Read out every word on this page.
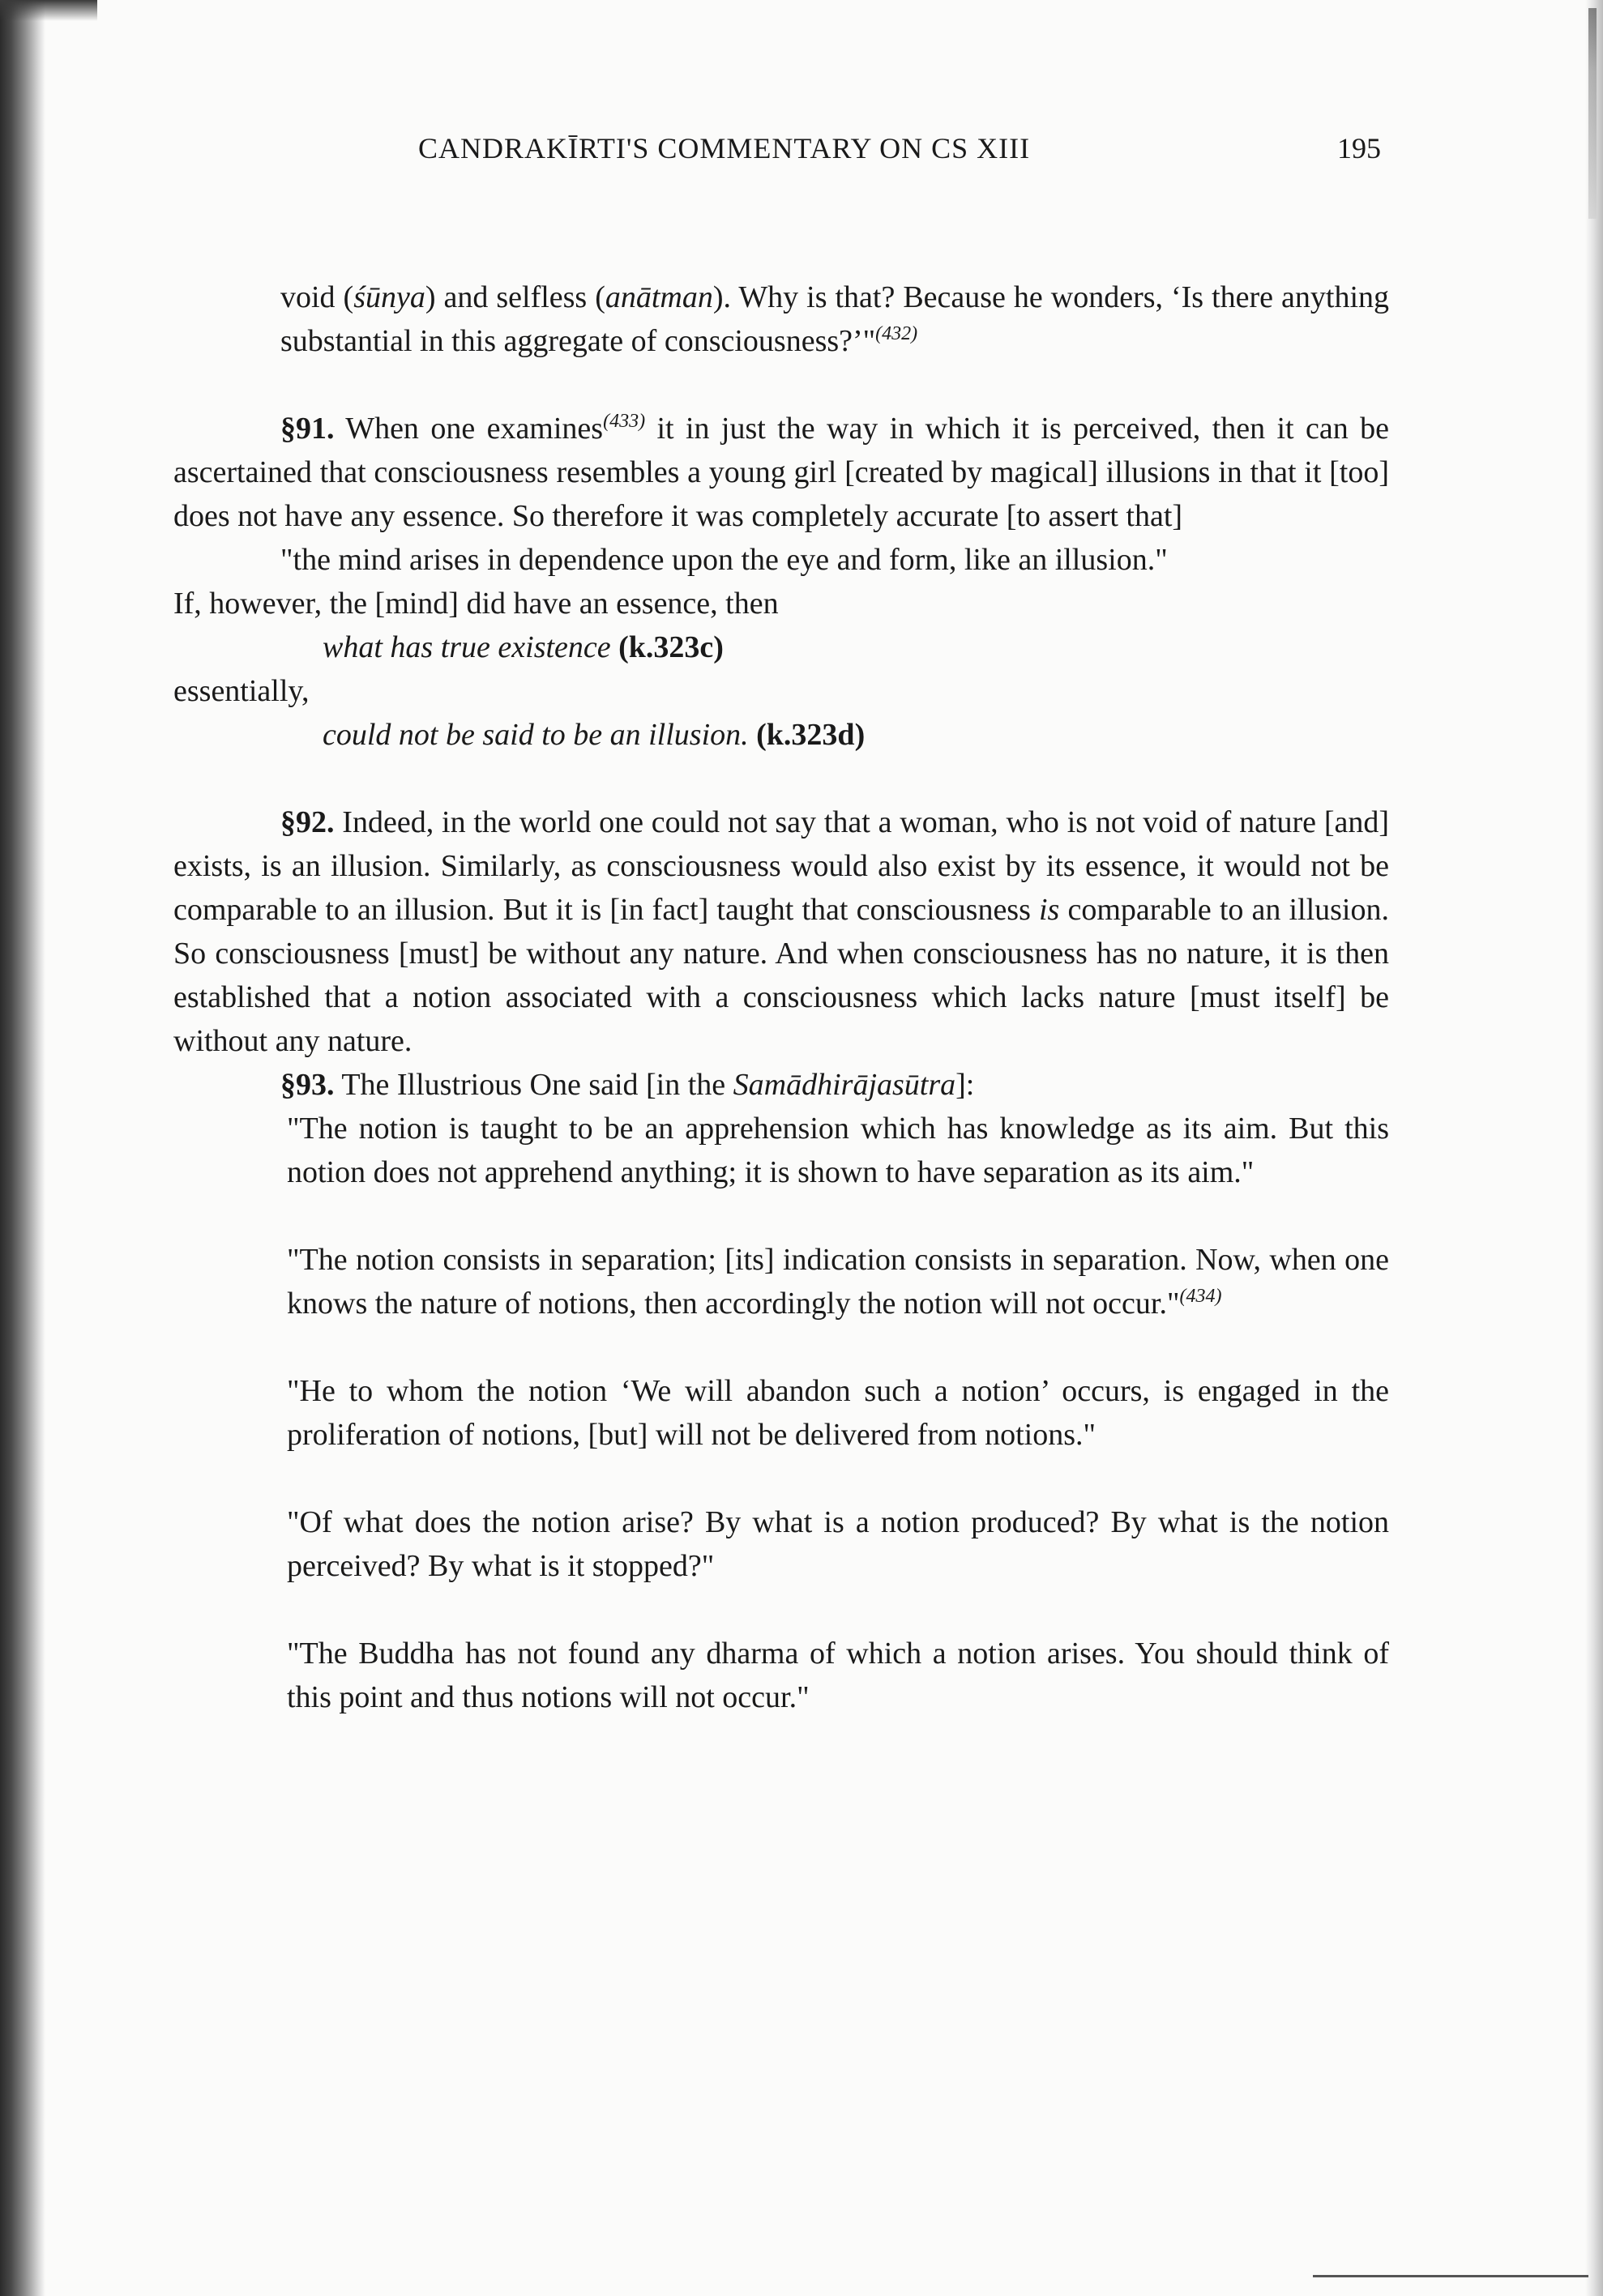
CANDRAKĪRTI'S COMMENTARY ON CS XIII	195

void (śūnya) and selfless (anātman). Why is that? Because he wonders, ‘Is there anything substantial in this aggregate of consciousness?’"$^{(432)}$

§91. When one examines$^{(433)}$ it in just the way in which it is perceived, then it can be ascertained that consciousness resembles a young girl [created by magical] illusions in that it [too] does not have any essence. So therefore it was completely accurate [to assert that]

"the mind arises in dependence upon the eye and form, like an illusion."

If, however, the [mind] did have an essence, then

what has true existence (k.323c)

essentially,

could not be said to be an illusion. (k.323d)

§92. Indeed, in the world one could not say that a woman, who is not void of nature [and] exists, is an illusion. Similarly, as consciousness would also exist by its essence, it would not be comparable to an illusion. But it is [in fact] taught that consciousness is comparable to an illusion. So consciousness [must] be without any nature. And when consciousness has no nature, it is then established that a notion associated with a consciousness which lacks nature [must itself] be without any nature.

§93. The Illustrious One said [in the Samādhirājasūtra]:

"The notion is taught to be an apprehension which has knowledge as its aim. But this notion does not apprehend anything; it is shown to have separation as its aim."

"The notion consists in separation; [its] indication consists in separation. Now, when one knows the nature of notions, then accordingly the notion will not occur."$^{(434)}$

"He to whom the notion ‘We will abandon such a notion’ occurs, is engaged in the proliferation of notions, [but] will not be delivered from notions."

"Of what does the notion arise? By what is a notion produced? By what is the notion perceived? By what is it stopped?"

"The Buddha has not found any dharma of which a notion arises. You should think of this point and thus notions will not occur."
